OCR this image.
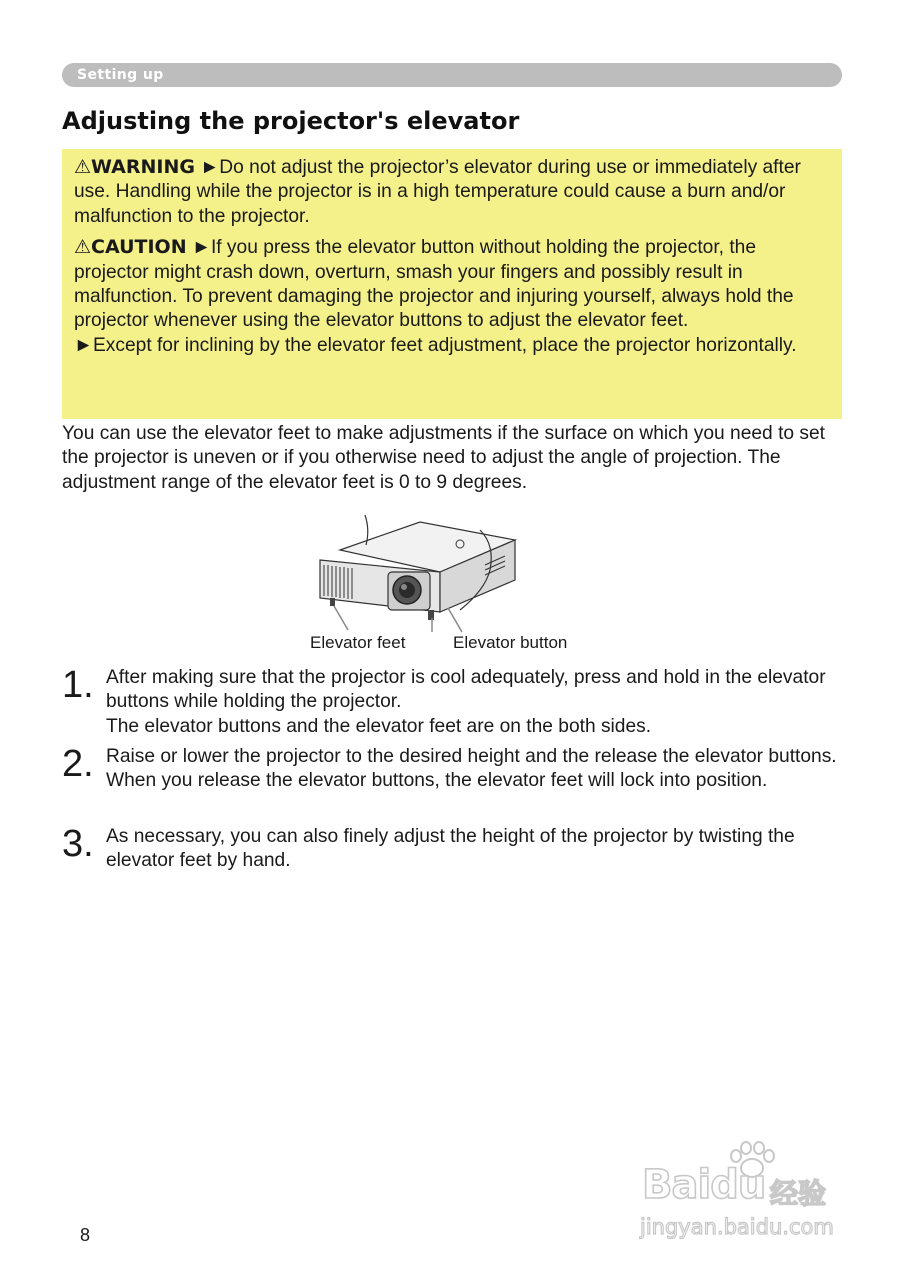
Setting up
Adjusting the projector's elevator

⚠WARNING ►Do not adjust the projector’s elevator during use or immediately after use. Handling while the projector is in a high temperature could cause a burn and/or malfunction to the projector.

⚠CAUTION ►If you press the elevator button without holding the projector, the projector might crash down, overturn, smash your fingers and possibly result in malfunction. To prevent damaging the projector and injuring yourself, always hold the projector whenever using the elevator buttons to adjust the elevator feet.

►Except for inclining by the elevator feet adjustment, place the projector horizontally.

You can use the elevator feet to make adjustments if the surface on which you need to set the projector is uneven or if you otherwise need to adjust the angle of projection. The adjustment range of the elevator feet is 0 to 9 degrees.

Elevator feet	Elevator button
1. After making sure that the projector is cool adequately, press and hold in the elevator buttons while holding the projector.

The elevator buttons and the elevator feet are on the both sides.

2. Raise or lower the projector to the desired height and the release the elevator buttons.

When you release the elevator buttons, the elevator feet will lock into position.

3. As necessary, you can also finely adjust the height of the projector by twisting the elevator feet by hand.

8
Baidu 经验
jingyan.baidu.com
